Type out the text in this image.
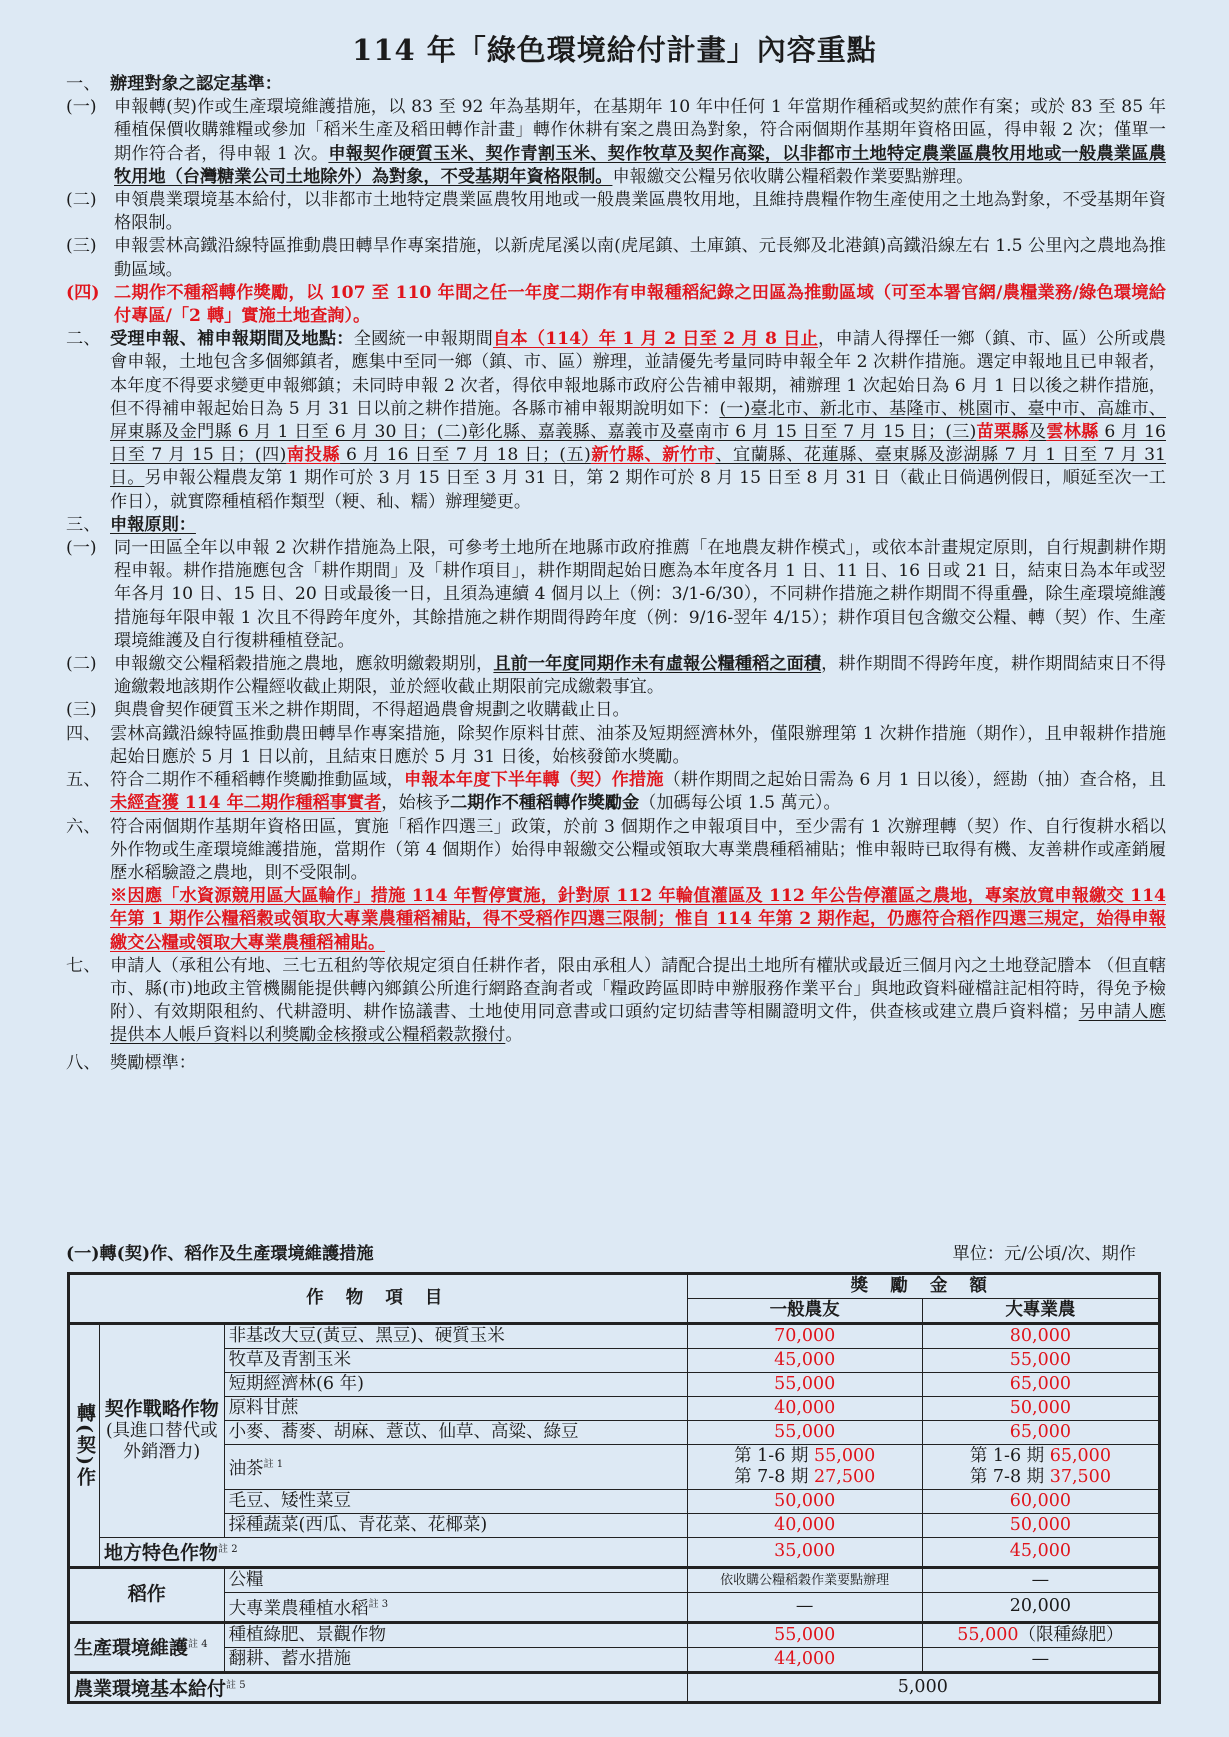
114 年「綠色環境給付計畫」內容重點
一、 辦理對象之認定基準：
(一)	申報轉(契)作或生產環境維護措施，以 83 至 92 年為基期年，在基期年 10 年中任何 1 年當期作種稻或契約蔗作有案；或於 83 至 85 年種植保價收購雜糧或參加「稻米生產及稻田轉作計畫」轉作休耕有案之農田為對象，符合兩個期作基期年資格田區，得申報 2 次；僅單一期作符合者，得申報 1 次。申報契作硬質玉米、契作青割玉米、契作牧草及契作高粱，以非都市土地特定農業區農牧用地或一般農業區農牧用地（台灣糖業公司土地除外）為對象，不受基期年資格限制。申報繳交公糧另依收購公糧稻穀作業要點辦理。
(二)	申領農業環境基本給付，以非都市土地特定農業區農牧用地或一般農業區農牧用地，且維持農糧作物生產使用之土地為對象，不受基期年資格限制。
(三)	申報雲林高鐵沿線特區推動農田轉旱作專案措施，以新虎尾溪以南(虎尾鎮、土庫鎮、元長鄉及北港鎮)高鐵沿線左右 1.5 公里內之農地為推動區域。
(四) 二期作不種稻轉作獎勵，以 107 至 110 年間之任一年度二期作有申報種稻紀錄之田區為推動區域（可至本署官網/農糧業務/綠色環境給付專區/「2 轉」實施土地查詢）。
二、 受理申報、補申報期間及地點：全國統一申報期間自本（114）年 1 月 2 日至 2 月 8 日止，申請人得擇任一鄉（鎮、市、區）公所或農會申報，土地包含多個鄉鎮者，應集中至同一鄉（鎮、市、區）辦理，並請優先考量同時申報全年 2 次耕作措施。選定申報地且已申報者，本年度不得要求變更申報鄉鎮；未同時申報 2 次者，得依申報地縣市政府公告補申報期，補辦理 1 次起始日為 6 月 1 日以後之耕作措施，但不得補申報起始日為 5 月 31 日以前之耕作措施。各縣市補申報期說明如下：(一)臺北市、新北市、基隆市、桃園市、臺中市、高雄市、屏東縣及金門縣 6 月 1 日至 6 月 30 日；(二)彰化縣、嘉義縣、嘉義市及臺南市 6 月 15 日至 7 月 15 日；(三)苗栗縣及雲林縣 6 月 16 日至 7 月 15 日；(四)南投縣 6 月 16 日至 7 月 18 日；(五)新竹縣、新竹市、宜蘭縣、花蓮縣、臺東縣及澎湖縣 7 月 1 日至 7 月 31 日。另申報公糧農友第 1 期作可於 3 月 15 日至 3 月 31 日，第 2 期作可於 8 月 15 日至 8 月 31 日（截止日倘遇例假日，順延至次一工作日），就實際種植稻作類型（粳、秈、糯）辦理變更。
三、 申報原則：
(一)	同一田區全年以申報 2 次耕作措施為上限，可參考土地所在地縣市政府推薦「在地農友耕作模式」，或依本計畫規定原則，自行規劃耕作期程申報。耕作措施應包含「耕作期間」及「耕作項目」，耕作期間起始日應為本年度各月 1 日、11 日、16 日或 21 日，結束日為本年或翌年各月 10 日、15 日、20 日或最後一日，且須為連續 4 個月以上（例：3/1-6/30），不同耕作措施之耕作期間不得重疊，除生產環境維護措施每年限申報 1 次且不得跨年度外，其餘措施之耕作期間得跨年度（例：9/16-翌年 4/15）；耕作項目包含繳交公糧、轉（契）作、生產環境維護及自行復耕種植登記。
(二)	申報繳交公糧稻穀措施之農地，應敘明繳穀期別，且前一年度同期作未有虛報公糧種稻之面積，耕作期間不得跨年度，耕作期間結束日不得逾繳穀地該期作公糧經收截止期限，並於經收截止期限前完成繳穀事宜。
(三)	與農會契作硬質玉米之耕作期間，不得超過農會規劃之收購截止日。
四、 雲林高鐵沿線特區推動農田轉旱作專案措施，除契作原料甘蔗、油茶及短期經濟林外，僅限辦理第 1 次耕作措施（期作），且申報耕作措施起始日應於 5 月 1 日以前，且結束日應於 5 月 31 日後，始核發節水獎勵。
五、 符合二期作不種稻轉作獎勵推動區域，申報本年度下半年轉（契）作措施（耕作期間之起始日需為 6 月 1 日以後），經勘（抽）查合格，且未經查獲 114 年二期作種稻事實者，始核予二期作不種稻轉作獎勵金（加碼每公頃 1.5 萬元）。
六、 符合兩個期作基期年資格田區，實施「稻作四選三」政策，於前 3 個期作之申報項目中，至少需有 1 次辦理轉（契）作、自行復耕水稻以外作物或生產環境維護措施，當期作（第 4 個期作）始得申報繳交公糧或領取大專業農種稻補貼；惟申報時已取得有機、友善耕作或產銷履歷水稻驗證之農地，則不受限制。
※因應「水資源競用區大區輪作」措施 114 年暫停實施，針對原 112 年輪值灌區及 112 年公告停灌區之農地，專案放寬申報繳交 114 年第 1 期作公糧稻穀或領取大專業農種稻補貼，得不受稻作四選三限制；惟自 114 年第 2 期作起，仍應符合稻作四選三規定，始得申報繳交公糧或領取大專業農種稻補貼。
七、 申請人（承租公有地、三七五租約等依規定須自任耕作者，限由承租人）請配合提出土地所有權狀或最近三個月內之土地登記謄本 （但直轄市、縣(市)地政主管機關能提供轉內鄉鎮公所進行網路查詢者或「糧政跨區即時申辦服務作業平台」與地政資料碰檔註記相符時，得免予檢附）、有效期限租約、代耕證明、耕作協議書、土地使用同意書或口頭約定切結書等相關證明文件，供查核或建立農戶資料檔；另申請人應提供本人帳戶資料以利獎勵金核撥或公糧稻穀款撥付。
八、 獎勵標準：
(一)轉(契)作、稻作及生產環境維護措施	單位：元/公頃/次、期作
作 物 項 目			獎 勵 金 額	
			一般農友	大專業農
轉(契)作	契作戰略作物
(具進口替代或外銷潛力)	非基改大豆(黃豆、黑豆)、硬質玉米	70,000	80,000
		牧草及青割玉米	45,000	55,000
		短期經濟林(6 年)	55,000	65,000
		原料甘蔗	40,000	50,000
		小麥、蕎麥、胡麻、薏苡、仙草、高粱、綠豆	55,000	65,000
		油茶$^{註 1}$	第 1-6 期 55,000
第 7-8 期 27,500	第 1-6 期 65,000
第 7-8 期 37,500
		毛豆、矮性菜豆	50,000	60,000
		採種蔬菜(西瓜、青花菜、花椰菜)	40,000	50,000
	地方特色作物$^{註 2}$		35,000	45,000
稻作		公糧	依收購公糧稻穀作業要點辦理	—
		大專業農種植水稻$^{註 3}$	—	20,000
生產環境維護$^{註 4}$		種植綠肥、景觀作物	55,000	55,000（限種綠肥）
		翻耕、蓄水措施	44,000	—
農業環境基本給付$^{註 5}$			5,000	
